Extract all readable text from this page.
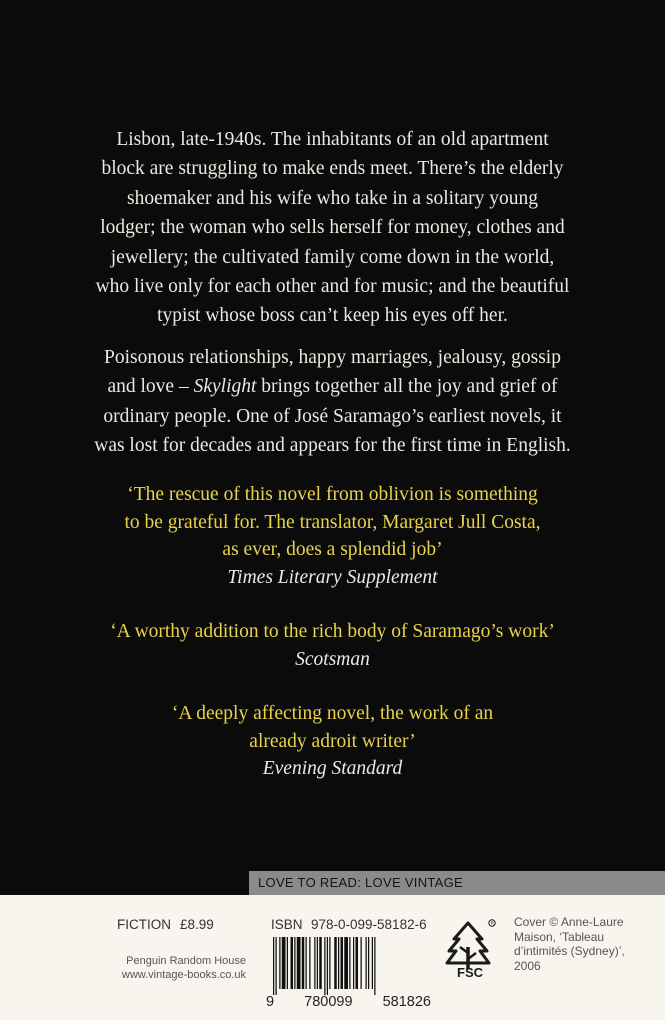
Lisbon, late-1940s. The inhabitants of an old apartment
block are struggling to make ends meet. There’s the elderly
shoemaker and his wife who take in a solitary young
lodger; the woman who sells herself for money, clothes and
jewellery; the cultivated family come down in the world,
who live only for each other and for music; and the beautiful
typist whose boss can’t keep his eyes off her.

Poisonous relationships, happy marriages, jealousy, gossip
and love – Skylight brings together all the joy and grief of
ordinary people. One of José Saramago’s earliest novels, it
was lost for decades and appears for the first time in English.

‘The rescue of this novel from oblivion is something
to be grateful for. The translator, Margaret Jull Costa,
as ever, does a splendid job’
Times Literary Supplement

‘A worthy addition to the rich body of Saramago’s work’
Scotsman

‘A deeply affecting novel, the work of an
already adroit writer’
Evening Standard

LOVE TO READ: LOVE VINTAGE
FICTION £8.99

Penguin Random House
www.vintage-books.co.uk

ISBN 978-0-099-58182-6

9 780099 581826

R
FSC

Cover © Anne-Laure
Maison, ‘Tableau
d’intimités (Sydney)’,
2006
